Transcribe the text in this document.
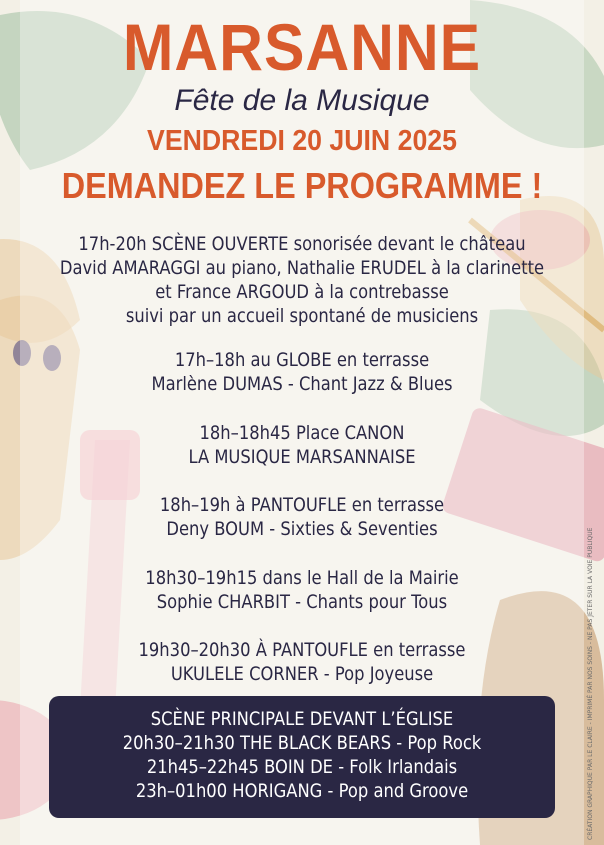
MARSANNE
Fête de la Musique
VENDREDI 20 JUIN 2025
DEMANDEZ LE PROGRAMME !
17h-20h SCÈNE OUVERTE sonorisée devant le château
David AMARAGGI au piano, Nathalie ERUDEL à la clarinette
et France ARGOUD à la contrebasse
suivi par un accueil spontané de musiciens
17h–18h au GLOBE en terrasse
Marlène DUMAS - Chant Jazz & Blues
18h–18h45 Place CANON
LA MUSIQUE MARSANNAISE
18h–19h à PANTOUFLE en terrasse
Deny BOUM - Sixties & Seventies
18h30–19h15 dans le Hall de la Mairie
Sophie CHARBIT - Chants pour Tous
19h30–20h30 À PANTOUFLE en terrasse
UKULELE CORNER - Pop Joyeuse
SCÈNE PRINCIPALE DEVANT L’ÉGLISE
20h30–21h30 THE BLACK BEARS - Pop Rock
21h45–22h45 BOIN DE - Folk Irlandais
23h–01h00 HORIGANG - Pop and Groove	CRÉATION GRAPHIQUE PAR LE CLAIRE - IMPRIMÉ PAR NOS SOINS - NE PAS JETER SUR LA VOIE PUBLIQUE
